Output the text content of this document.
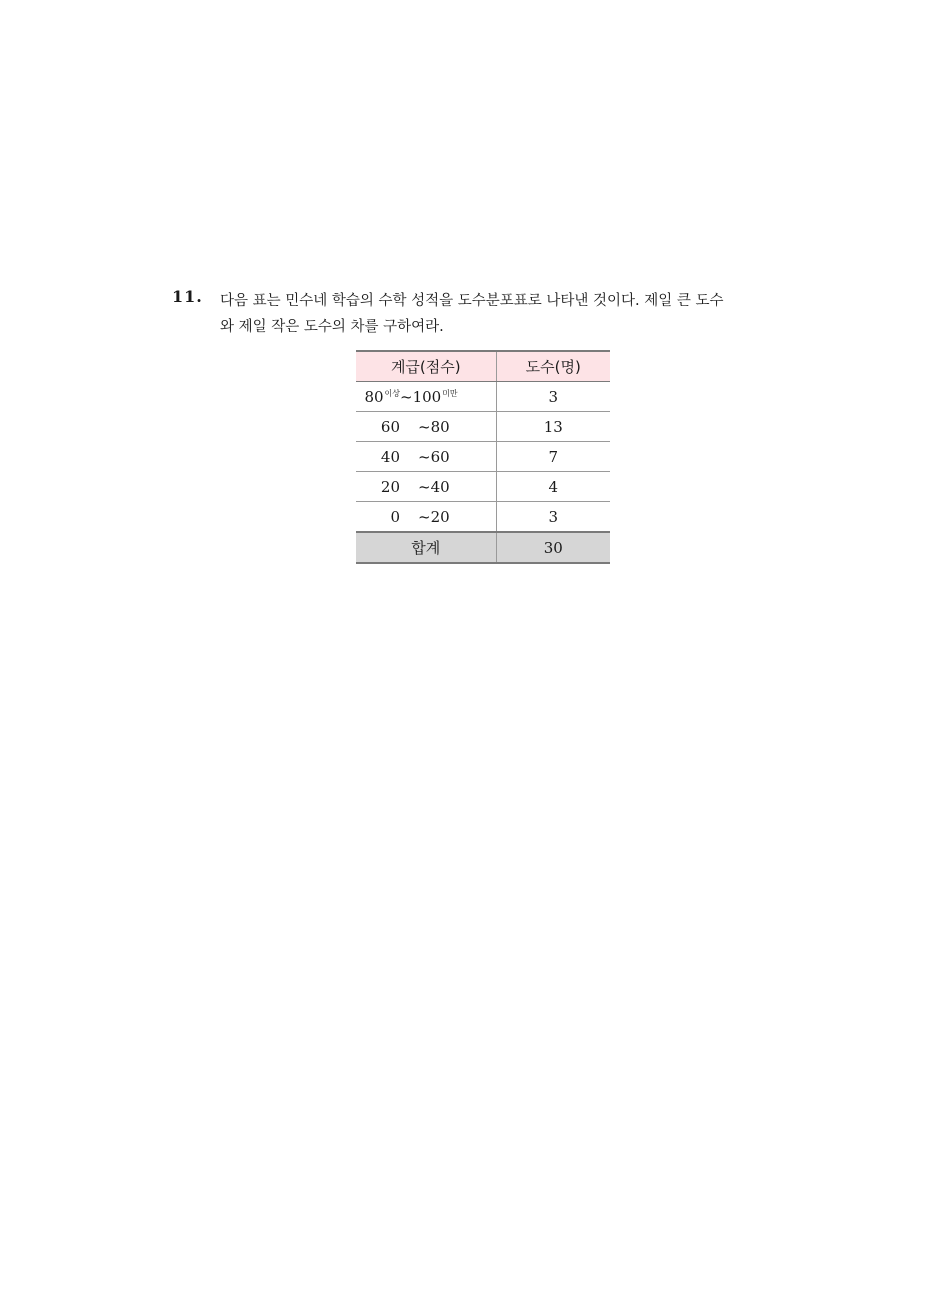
11. 다음 표는 민수네 학습의 수학 성적을 도수분포표로 나타낸 것이다. 제일 큰 도수
와 제일 작은 도수의 차를 구하여라.
계급(점수)	도수(명)

$80^{이상}$ $\sim 100^{미만}$	3

60 ~80	13

40 ~60	7

20 ~40	4

0 ~20	3
합계	30
